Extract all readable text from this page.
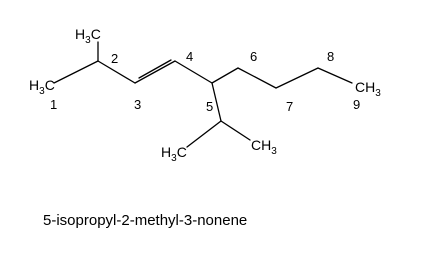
$H_3C$
$H_3C$
$H_3C$	$CH_3$
$CH_3$
1
2
3
4
5
6
7
8
9
5-isopropyl-2-methyl-3-nonene
